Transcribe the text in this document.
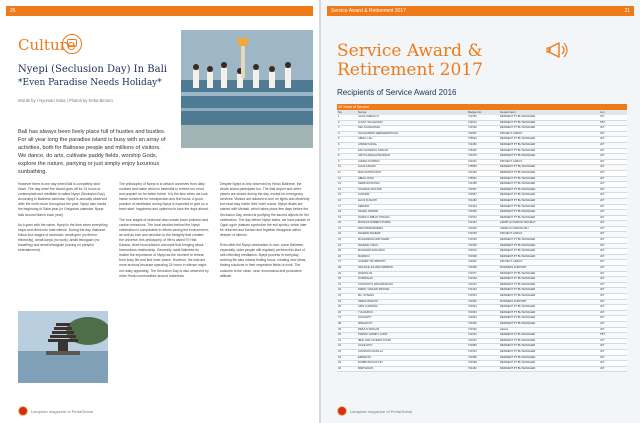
26
Culture
Nyepi (Seclusion Day) In Bali
*Even Paradise Needs Holiday*
Words by I Nyoman Suka | Photos by Ketut Bintoro
Bali has always been lively place full of hustles and bustles. For all year long the paradise island is busy with an array of activities, both for Balinese people and millions of visitors. We dance, do arts, cultivate paddy fields, worship Gods, explore the nature, partying or just simply enjoy luxurious sunbathing.

However there is one day when Bali is completely shut down. The day when the island goes off for 24 hours to contemplate and meditate is called Nyepi (Seclusion Day). According to Balinese calendar, Nyepi is annually observed after the ninth moon throughout the year. Nyepi also marks the beginning of Saka year (in Gregorian calendar, Nyepi falls around March each year).

As it goes with the name, Nyepi is the time when everything stops and dives into total silence. During the day, Balinese follow four stages of seclusion: amati geni (no fire/no electricity), amati karya (no work), amati lelungaan (no travelling) and amati lelanguan (having no party/no entertainment).

The philosophy of Nyepi is to detach ourselves from daily routines and make which is essential to refresh our mind and prepare us for better future. It is the time when we look inside ourselves for introspection and find focus. A good practice of meditation during Nyepi is expected to give us a fresh start, happiness and optimism to face the days ahead.

The four stages of seclusion also create lower pollution and carbon emissions. The local wisdom behind the Nyepi celebration is comparable to efforts saving the environment, as well as love and devotion to the Almighty that created the universe; this philosophy, of life is called Tri Hita Karana, three local wisdom concepts that bringing about harmonious relationship. Generally, adult Balinese do realize the importance of Nyepi as the moment to retreat from busy life and find inner peace. However, the kids are more anxious because spending 24 hours in silence might not really appealing. The Seclusion Day is also observed by other Hindu communities around Indonesia.

Despite Nyepi is only observed by Hindu Balinese, the whole island participate too. The Bali airport and other places are closed during the day, except for emergency services. Visitors are allowed to turn on lights and electricity but must stay inside their hotel rooms. Nyepi rituals are started with Melasti, which takes place few days before the Seclusion Day, aimed at purifying the sacred objects for the celebration. The day before Nyepi starts, we have parade of Ogoh-ogoh (statues symbolize the evil spirits), which later be returned and burned and together disappear within deepen of silence.

Even after the Nyepi celebration is over, some Balinese, especially, older people still regularly perform this kind of self-reflecting meditation. Nyepi process in everyday, working life also means finding focus, creating new ideas, finding solutions in their respective fields of work. The outcome is the clean, neat, economical and productive attitude.

Lampiran magazine of PertaGlobal
Service Award & Retirement 2017	21
Service Award &
Retirement 2017
Recipients of Service Award 2016
10 Years of Service				
No.	Nama	Badge No.	Department	Loc.
1	AGUS SUBAGYO	721053	RESIDENT PT BU MANAGER	JKT
2	LUCKY SOLAHUDIN	722012	RESIDENT PT BU MANAGER	TBT
3	DWI ACHMANSAH	721518	RESIDENT PT BU MANAGER	JKT
4	SOLAHUDDIN HERMAWANSYAH	722097	PROJECT CARGO	JKT
5	ABDUL LAH	725520	RESIDENT PT BU MANAGER	JKT
6	ANWAR FAISAL	721281	RESIDENT PT BU MANAGER	JKT
7	EKO SUNARSO SARLAN	725340	RESIDENT PT BU MANAGER	JKT
8	ADITYA ANGGA PRADANA	721275	RESIDENT PT BU MANAGER	JKT
9	AHMAD NURMAN	721021	PROJECT CARGO	JKT
10	AGUS ASNADI	725505	RESIDENT PT BU MANAGER	JKT
11	MHD SUPRIYANTO	721333	RESIDENT PT BU MANAGER	JKT
12	ABDUL RIVAI	725531	RESIDENT PT BU MANAGER	JKT
13	FERRI RUSTANDI	721358	RESIDENT PT BU MANAGER	JKT
14	SYAHRUL MUCTAR	721557	RESIDENT PT BU MANAGER	JKT
15	SUPARDI	721557	RESIDENT PT BU MANAGER	JKT
16	ELLIS SUSANTI	721282	RESIDENT PT BU MANAGER	JKT
17	HERMAN	721344	RESIDENT PT BU MANAGER	JKT
18	DANIEL IRAWAN	721509	RESIDENT PT BU MANAGER	JKT
19	DARMI LUMBAN TORUAN	721510	RESIDENT PT BU MANAGER	JKT
20	MATHIUS ROBERT PURBA	721334	ADMIN & FINANCE PROJECT	JKT
21	RIZA PRIMAWINDRA	721549	ADMIN & FINANCE PRJ	JKT
22	RAHMAN RAHMAT	721518	PROJECT CARGO	JKT
23	MUHAMMAD ADRI SAMID	721525	RESIDENT PT BU MANAGER	JKT
24	RAHMAD YADUL	721549	RESIDENT PT BU MANAGER	JKT
25	MUHAMAD ENG RIDO	721510	RESIDENT PT BU MANAGER	JKT
26	MARZUKI	721548	RESIDENT PT BU MANAGER	JKT
27	GAZZER TRI WIBOWO	721516	PROJECT CARGO	JKT
28	NICHOLE JULIANA MARBUN	721538	BUSINESS SUPPORT	JKT
29	WAWAN HS	721577	RESIDENT PT BU MANAGER	JKT
30	OVIPRIALDI	721518	RESIDENT PT BU MANAGER	JKT
31	KASIONTUS SIDAURURUNG	721513	RESIDENT PT BU MANAGER	JKT
32	FRENY YANUAR PRASAD	721423	RESIDENT PT BU MANAGER	JKT
33	MA. SYAHRIL	721544	RESIDENT PT BU MANAGER	JKT
34	INDRA FRIANTO	721520	BUSINESS SUPPORT	JKT
35	ARIS CHANDRA	721534	RESIDENT PT BU MANAGER	JKT
36	YULIANDUS	721533	RESIDENT PT BU MANAGER	JKT
37	SUGIANTO	721543	RESIDENT PT BU MANAGER	JKT
38	IRSHAD KIT	721525	RESIDENT PT BU MANAGER	JKT
39	BIMULSI MIRLAM	721520	LEGAL	JKT
40	TRENDY ERRIDY LUBIS	721510	RESIDENT PT BU MANAGER	TBT
41	IBNU HAR ACHMAD TOHIR	721543	RESIDENT PT BU MANAGER	JKT
42	ALICE NITO	721580	RESIDENT PT BU MANAGER	JKT
43	JOHNSON FANOLLA	721524	RESIDENT PT BU MANAGER	JKT
44	ERMANTO	721586	RESIDENT PT BU MANAGER	JKT
45	RUMBU BAGUS KIN	721528	RESIDENT PT BU MANAGER	JKT
46	BARTHOLIN	721464	RESIDENT PT BU MANAGER	JKT
Lampiran magazine of PertaGlobal
